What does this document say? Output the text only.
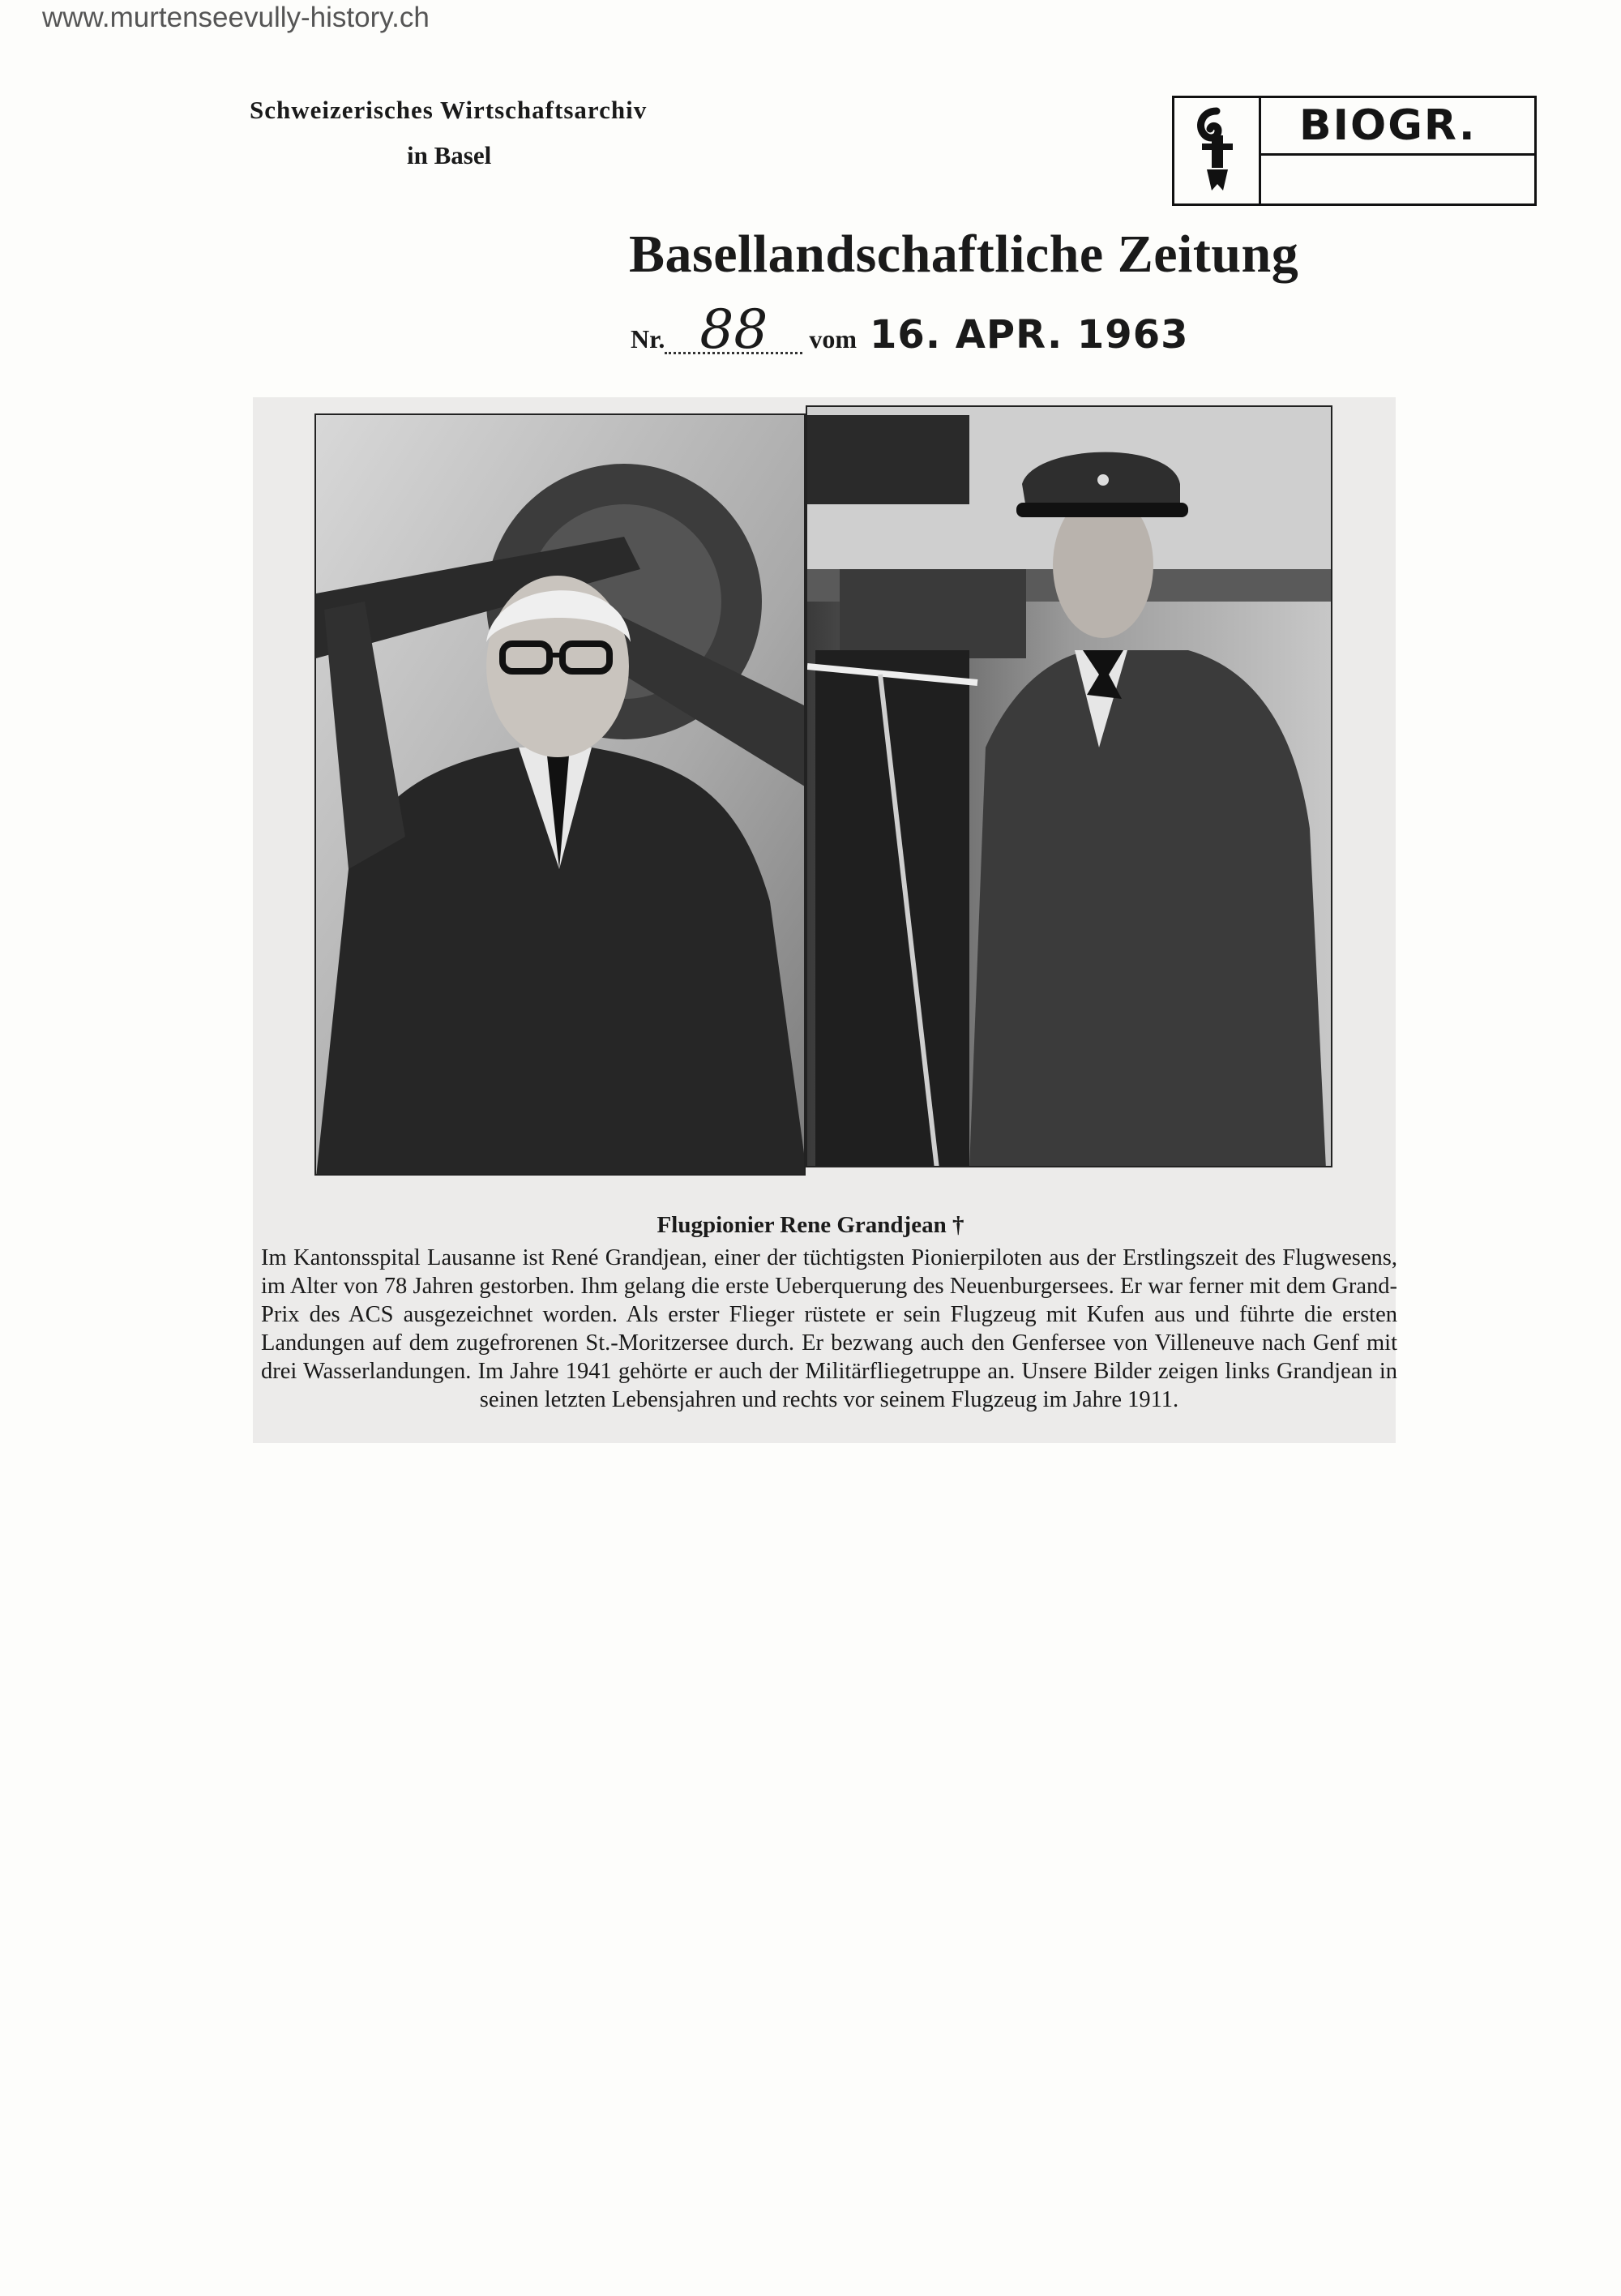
www.murtenseevully-history.ch
Schweizerisches Wirtschaftsarchiv
in Basel
BIOGR.
Basellandschaftliche Zeitung
Nr. 88 vom 16. APR. 1963
Flugpionier Rene Grandjean †
Im Kantonsspital Lausanne ist René Grandjean, einer der tüchtigsten Pionierpiloten aus der Erstlingszeit des Flugwesens, im Alter von 78 Jahren gestorben. Ihm gelang die erste Ueberquerung des Neuenburgersees. Er war ferner mit dem Grand-Prix des ACS ausgezeichnet worden. Als erster Flieger rüstete er sein Flugzeug mit Kufen aus und führte die ersten Landungen auf dem zugefrorenen St.-Moritzersee durch. Er bezwang auch den Genfersee von Villeneuve nach Genf mit drei Wasserlandungen. Im Jahre 1941 gehörte er auch der Militärfliegetruppe an. Unsere Bilder zeigen links Grandjean in seinen letzten Lebensjahren und rechts vor seinem Flugzeug im Jahre 1911.
